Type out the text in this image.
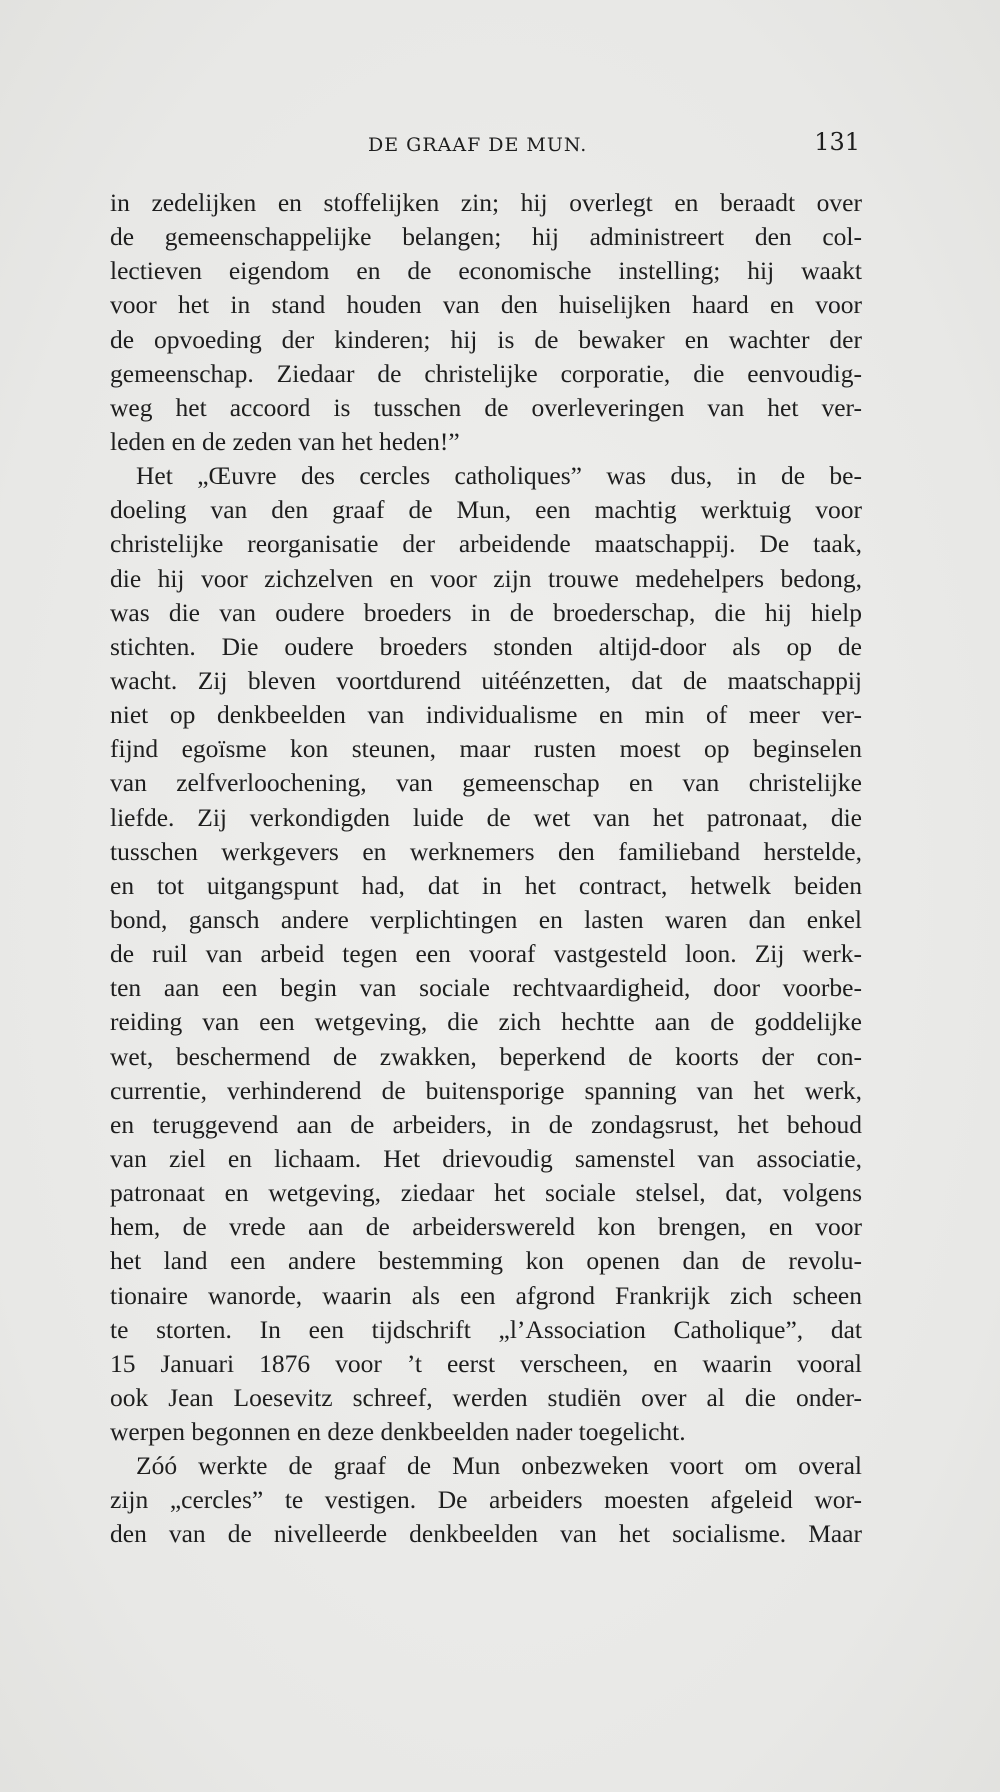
DE GRAAF DE MUN.	131
in zedelijken en stoffelijken zin; hij overlegt en beraadt over
de gemeenschappelijke belangen; hij administreert den col-
lectieven eigendom en de economische instelling; hij waakt
voor het in stand houden van den huiselijken haard en voor
de opvoeding der kinderen; hij is de bewaker en wachter der
gemeenschap. Ziedaar de christelijke corporatie, die eenvoudig-
weg het accoord is tusschen de overleveringen van het ver-
leden en de zeden van het heden!”
Het „Œuvre des cercles catholiques” was dus, in de be-
doeling van den graaf de Mun, een machtig werktuig voor
christelijke reorganisatie der arbeidende maatschappij. De taak,
die hij voor zichzelven en voor zijn trouwe medehelpers bedong,
was die van oudere broeders in de broederschap, die hij hielp
stichten. Die oudere broeders stonden altijd-door als op de
wacht. Zij bleven voortdurend uitéénzetten, dat de maatschappij
niet op denkbeelden van individualisme en min of meer ver-
fijnd egoïsme kon steunen, maar rusten moest op beginselen
van zelfverloochening, van gemeenschap en van christelijke
liefde. Zij verkondigden luide de wet van het patronaat, die
tusschen werkgevers en werknemers den familieband herstelde,
en tot uitgangspunt had, dat in het contract, hetwelk beiden
bond, gansch andere verplichtingen en lasten waren dan enkel
de ruil van arbeid tegen een vooraf vastgesteld loon. Zij werk-
ten aan een begin van sociale rechtvaardigheid, door voorbe-
reiding van een wetgeving, die zich hechtte aan de goddelijke
wet, beschermend de zwakken, beperkend de koorts der con-
currentie, verhinderend de buitensporige spanning van het werk,
en teruggevend aan de arbeiders, in de zondagsrust, het behoud
van ziel en lichaam. Het drievoudig samenstel van associatie,
patronaat en wetgeving, ziedaar het sociale stelsel, dat, volgens
hem, de vrede aan de arbeiderswereld kon brengen, en voor
het land een andere bestemming kon openen dan de revolu-
tionaire wanorde, waarin als een afgrond Frankrijk zich scheen
te storten. In een tijdschrift „l’Association Catholique”, dat
15 Januari 1876 voor ’t eerst verscheen, en waarin vooral
ook Jean Loesevitz schreef, werden studiën over al die onder-
werpen begonnen en deze denkbeelden nader toegelicht.
Zóó werkte de graaf de Mun onbezweken voort om overal
zijn „cercles” te vestigen. De arbeiders moesten afgeleid wor-
den van de nivelleerde denkbeelden van het socialisme. Maar
